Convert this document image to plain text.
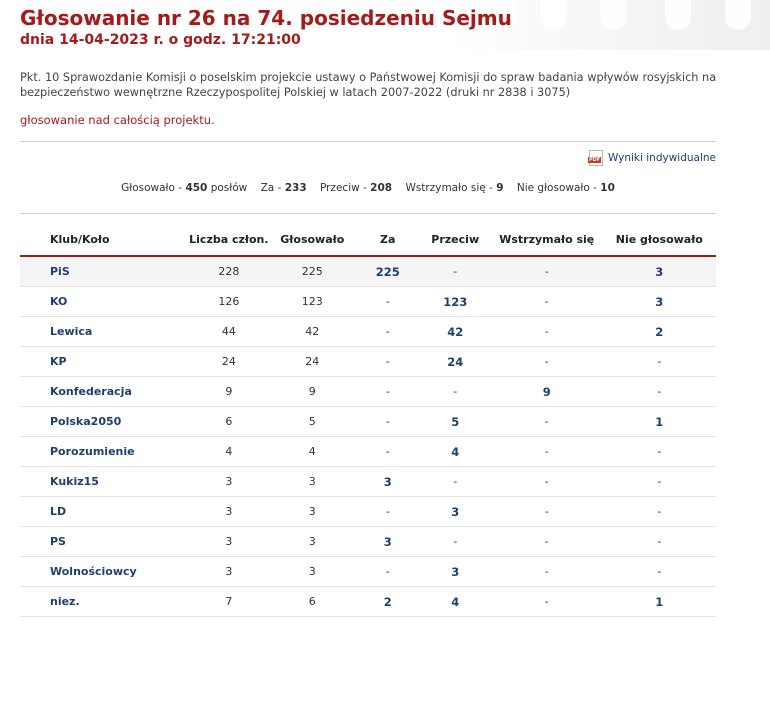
Głosowanie nr 26 na 74. posiedzeniu Sejmu
dnia 14-04-2023 r. o godz. 17:21:00
Pkt. 10 Sprawozdanie Komisji o poselskim projekcie ustawy o Państwowej Komisji do spraw badania wpływów rosyjskich na bezpieczeństwo wewnętrzne Rzeczypospolitej Polskiej w latach 2007-2022 (druki nr 2838 i 3075)
głosowanie nad całością projektu.
PDF Wyniki indywidualne
Głosowało - 450 posłów Za - 233 Przeciw - 208 Wstrzymało się - 9 Nie głosowało - 10
Klub/Koło	Liczba człon.	Głosowało	Za	Przeciw	Wstrzymało się	Nie głosowało
PiS	228	225	225	-	-	3
KO	126	123	-	123	-	3
Lewica	44	42	-	42	-	2
KP	24	24	-	24	-	-
Konfederacja	9	9	-	-	9	-
Polska2050	6	5	-	5	-	1
Porozumienie	4	4	-	4	-	-
Kukiz15	3	3	3	-	-	-
LD	3	3	-	3	-	-
PS	3	3	3	-	-	-
Wolnościowcy	3	3	-	3	-	-
niez.	7	6	2	4	-	1
